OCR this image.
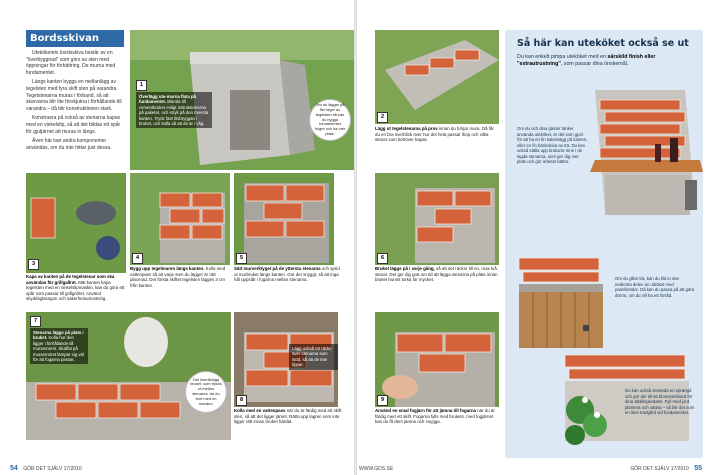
Bordsskivan

Uteköketets bordsskiva består av en "överbyggnad" som görs av sten med öppningar för förbättring. De murna med fundamentet.

Längs kanten byggs en mellanlägg av tegelsten med fyra skift sten på varandra. Tegelstenarna muras i förband, så att skarvarna blir lite förskjutna i förhållande till varandra – då blir konstruktionen stark.

Konstruera på också av stenarna kapas med en vinkelslip, så att det bildas ett spår för gjutjärnet att muras in längs.

Även här kan andra komponenter användas, om du inte hittar just dessa.

1
Överlägg ute-murna flata på fundamentet. Blanda till cementbruket enligt instruktionerna på paketet, och stryk på den översta kanten. Tryck fast lövbryggan i bruket, och kolla så att de är i våg.
Om du lägger på fler lager av tegelsten så kan du bygga fundamentet högre och ha mer plats.
3
Kapa av kanten på de tegelstenar som ska användas för grillgallret. Mät kanten kapa tegelsten med en vinkelslipmaskin, kan du göra ett spår som passar till grillgallret. Använd skyddsglasögon och sakerhetsutrustning.
4
Bygg upp tegelmuren längs kanten. Kolla med vattenpass så att varje sten du lägger är rätt placerad. Det första skiftet tegelsten lägges 3 cm från kanten.
5
Sätt murverktyget på de yttersta stenarna och sprid ut murbruket längs kanten. Gör det snyggt, så att inga hål uppstår i fogarna mellan stenarna.
7
Stenarna läggs på plats i bruket. Kolla hur den ligger i förhållande till murarsnöret. Skaffat på murarsnöret lämpar sig väl för att fogarna passar.
Det överflödiga bruket, som trycks ut mellan stenarna, tar du bort med en murslev.
8
Lägg också ett räcke över stenarna som stöd, så att de inte tippar.
Kolla med en vattenpass när du är färdig med ett skift sten, så att det ligger jämnt. Rätta upp lagren som inte ligger rätt innan bruket härdat.
54 GÖR DET SJÄLV 17/2010
2
Lägg ut tegelstenarna på prov innan du börjar mura. Då får du en bra överblick över hur det hela passar ihop och vilka stenar som behöver kapas.
6
Bruket läggs på i varje gång, så att det räcker till en, max två stenar. Det ger dig gott om tid att lägga stenarna på plats innan bruket hunnit torka för mycket.
9
Använd en smal fogjärn för att jämna till fogarna när du är färdig med ett skift. Fogarna fylls med brukets, med fogjärnet kan du få dem jämna och snygga.
Så här kan uteköket också se ut
Du kan enkelt pimpa uteköket med en särskild finish eller "extrautrustning", som passar dina önskemål.
Om du och dina gäster tänker använda uteköket, är det som gjort för att ha en fin kakelvägg på kanten, eller en fin bänkskiva av trä. Du kan också ställa upp bruksrör inne i de lagda stenarna, som ger dig mer plats och gör arbetet bättre.
Om du gillar trä, kan du klä in den nedersta delen av utköket med panelbrädor. Då kan du passa på att göra dörrar, om du vill ha ett förråd.
Du kan också använda en sprängd och gör det till ett blomstersbord för dina älsklingsväxter. Fyll med jord, plantera och vattna – så blir det som en liten trädgård vid fundamentet.
WWW.GDS.SE	GÖR DET SJÄLV 17/2010 55
